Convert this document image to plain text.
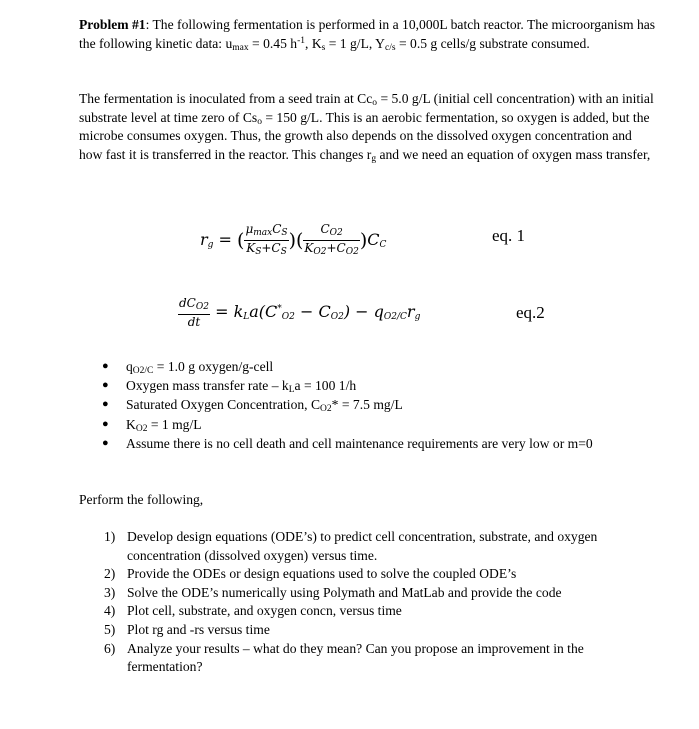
Problem #1: The following fermentation is performed in a 10,000L batch reactor. The microorganism has the following kinetic data: $u_{max} = 0.45$ $h^{-1}$, $K_s = 1$ g/L, $Y_{c/s} = 0.5$ g cells/g substrate consumed.
The fermentation is inoculated from a seed train at $Cc_o = 5.0$ g/L (initial cell concentration) with an initial substrate level at time zero of $Cs_o = 150$ g/L. This is an aerobic fermentation, so oxygen is added, but the microbe consumes oxygen. Thus, the growth also depends on the dissolved oxygen concentration and how fast it is transferred in the reactor. This changes $r_g$ and we need an equation of oxygen mass transfer,
rg = ( $\frac{\text{μmaxCS}}{KS+CS}$ )( $\frac{CO2}{KO2+CO2} )CC$	eq. 1
$\frac{\text{dCO2}}{dt} = kLa(C^*O2 - CO2) - qO2/Crg$	eq.2
● $q_{O2/C} = 1.0$ g oxygen/g-cell
● Oxygen mass transfer rate – $k_La = 100$ 1/h
● Saturated Oxygen Concentration, $C_{O2}* = 7.5$ mg/L
● $K_{O2} = 1$ mg/L
● Assume there is no cell death and cell maintenance requirements are very low or m=0
Perform the following,
1) Develop design equations (ODE’s) to predict cell concentration, substrate, and oxygen concentration (dissolved oxygen) versus time.
2) Provide the ODEs or design equations used to solve the coupled ODE’s
3) Solve the ODE’s numerically using Polymath and MatLab and provide the code
4) Plot cell, substrate, and oxygen concn, versus time
5) Plot rg and -rs versus time
6) Analyze your results – what do they mean? Can you propose an improvement in the fermentation?
